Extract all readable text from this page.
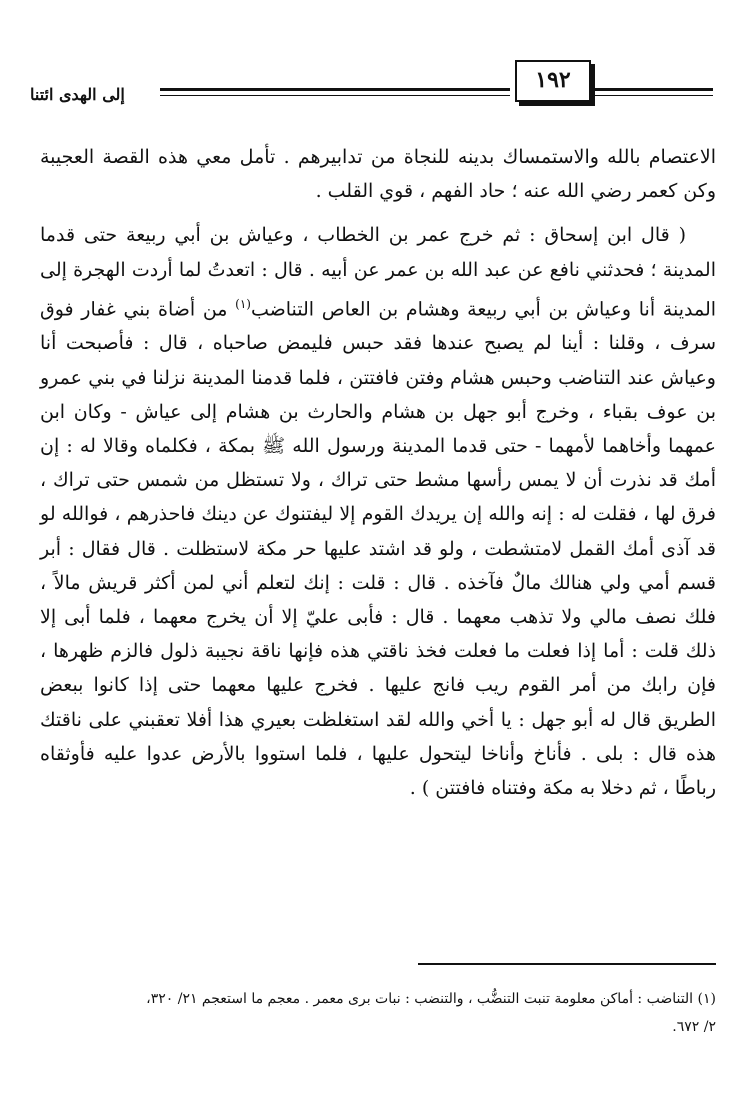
إلى الهدى ائتنا
١٩٢

الاعتصام بالله والاستمساك بدينه للنجاة من تدابيرهم . تأمل معي هذه القصة العجيبة وكن كعمر رضي الله عنه ؛ حاد الفهم ، قوي القلب .

( قال ابن إسحاق : ثم خرج عمر بن الخطاب ، وعياش بن أبي ربيعة حتى قدما المدينة ؛ فحدثني نافع عن عبد الله بن عمر عن أبيه . قال : اتعدتُ لما أردت الهجرة إلى المدينة أنا وعياش بن أبي ربيعة وهشام بن العاص التناضب$^{(١)}$ من أضاة بني غفار فوق سرف ، وقلنا : أينا لم يصبح عندها فقد حبس فليمض صاحباه ، قال : فأصبحت أنا وعياش عند التناضب وحبس هشام وفتن فافتتن ، فلما قدمنا المدينة نزلنا في بني عمرو بن عوف بقباء ، وخرج أبو جهل بن هشام والحارث بن هشام إلى عياش - وكان ابن عمهما وأخاهما لأمهما - حتى قدما المدينة ورسول الله ﷺ بمكة ، فكلماه وقالا له : إن أمك قد نذرت أن لا يمس رأسها مشط حتى تراك ، ولا تستظل من شمس حتى تراك ، فرق لها ، فقلت له : إنه والله إن يريدك القوم إلا ليفتنوك عن دينك فاحذرهم ، فوالله لو قد آذى أمك القمل لامتشطت ، ولو قد اشتد عليها حر مكة لاستظلت . قال فقال : أبر قسم أمي ولي هنالك مالٌ فآخذه . قال : قلت : إنك لتعلم أني لمن أكثر قريش مالاً ، فلك نصف مالي ولا تذهب معهما . قال : فأبى عليّ إلا أن يخرج معهما ، فلما أبى إلا ذلك قلت : أما إذا فعلت ما فعلت فخذ ناقتي هذه فإنها ناقة نجيبة ذلول فالزم ظهرها ، فإن رابك من أمر القوم ريب فانج عليها . فخرج عليها معهما حتى إذا كانوا ببعض الطريق قال له أبو جهل : يا أخي والله لقد استغلظت بعيري هذا أفلا تعقبني على ناقتك هذه قال : بلى . فأناخ وأناخا ليتحول عليها ، فلما استووا بالأرض عدوا عليه فأوثقاه رباطًا ، ثم دخلا به مكة وفتناه فافتتن ) .

(١) التناضب : أماكن معلومة تنبت التنضُّب ، والتنضب : نبات برى معمر . معجم ما استعجم ٢١/ ٣٢٠،

٢/ ٦٧٢.
